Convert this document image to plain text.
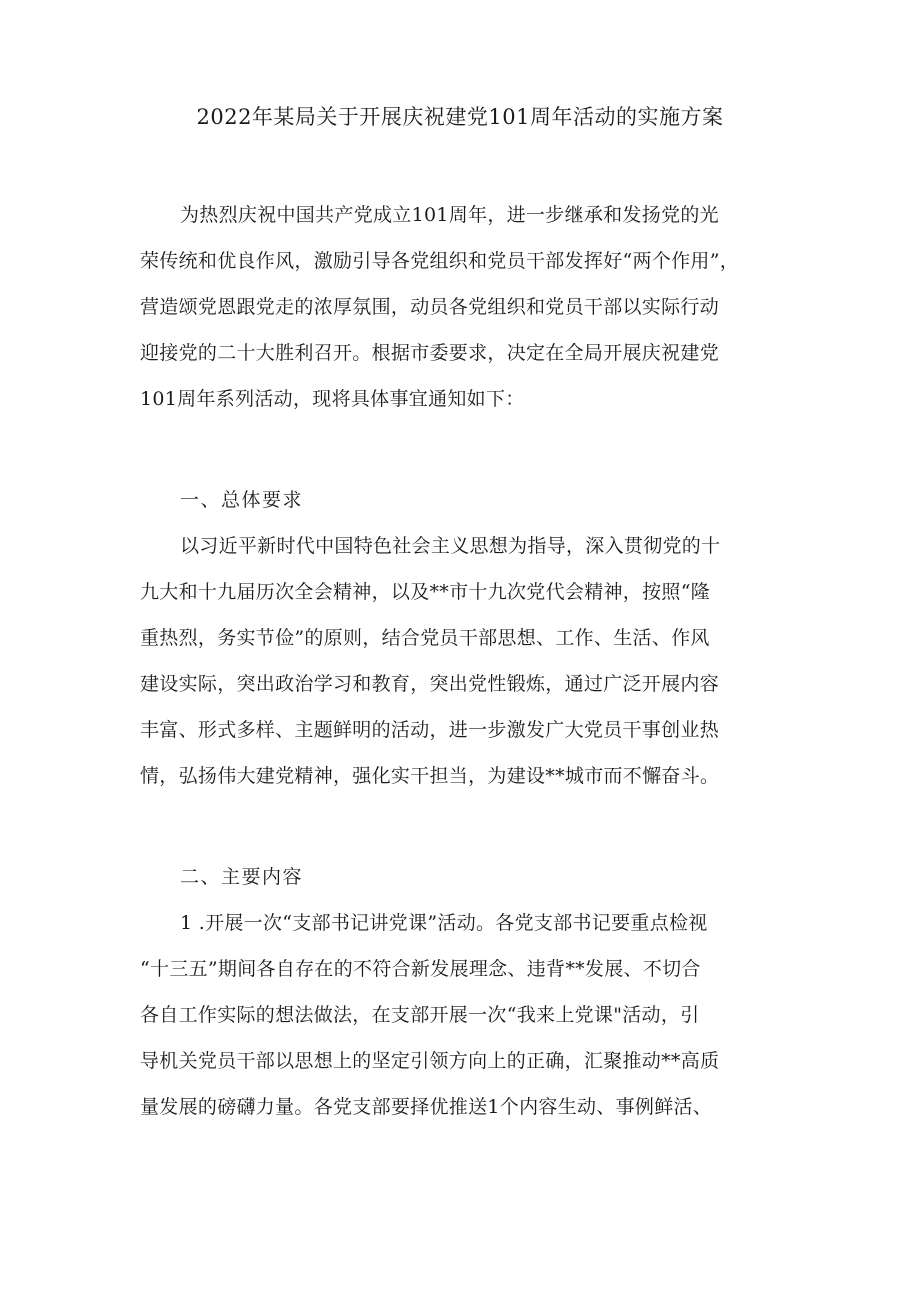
2022年某局关于开展庆祝建党101周年活动的实施方案
为热烈庆祝中国共产党成立101周年，进一步继承和发扬党的光
荣传统和优良作风，激励引导各党组织和党员干部发挥好“两个作用”，
营造颂党恩跟党走的浓厚氛围，动员各党组织和党员干部以实际行动
迎接党的二十大胜利召开。根据市委要求，决定在全局开展庆祝建党
101周年系列活动，现将具体事宜通知如下：
一、总体要求
以习近平新时代中国特色社会主义思想为指导，深入贯彻党的十
九大和十九届历次全会精神，以及**市十九次党代会精神，按照“隆
重热烈，务实节俭”的原则，结合党员干部思想、工作、生活、作风
建设实际，突出政治学习和教育，突出党性锻炼，通过广泛开展内容
丰富、形式多样、主题鲜明的活动，进一步激发广大党员干事创业热
情，弘扬伟大建党精神，强化实干担当，为建设**城市而不懈奋斗。
二、主要内容
1 .开展一次“支部书记讲党课”活动。各党支部书记要重点检视
“十三五”期间各自存在的不符合新发展理念、违背**发展、不切合
各自工作实际的想法做法，在支部开展一次“我来上党课"活动，引
导机关党员干部以思想上的坚定引领方向上的正确，汇聚推动**高质
量发展的磅礴力量。各党支部要择优推送1个内容生动、事例鲜活、
